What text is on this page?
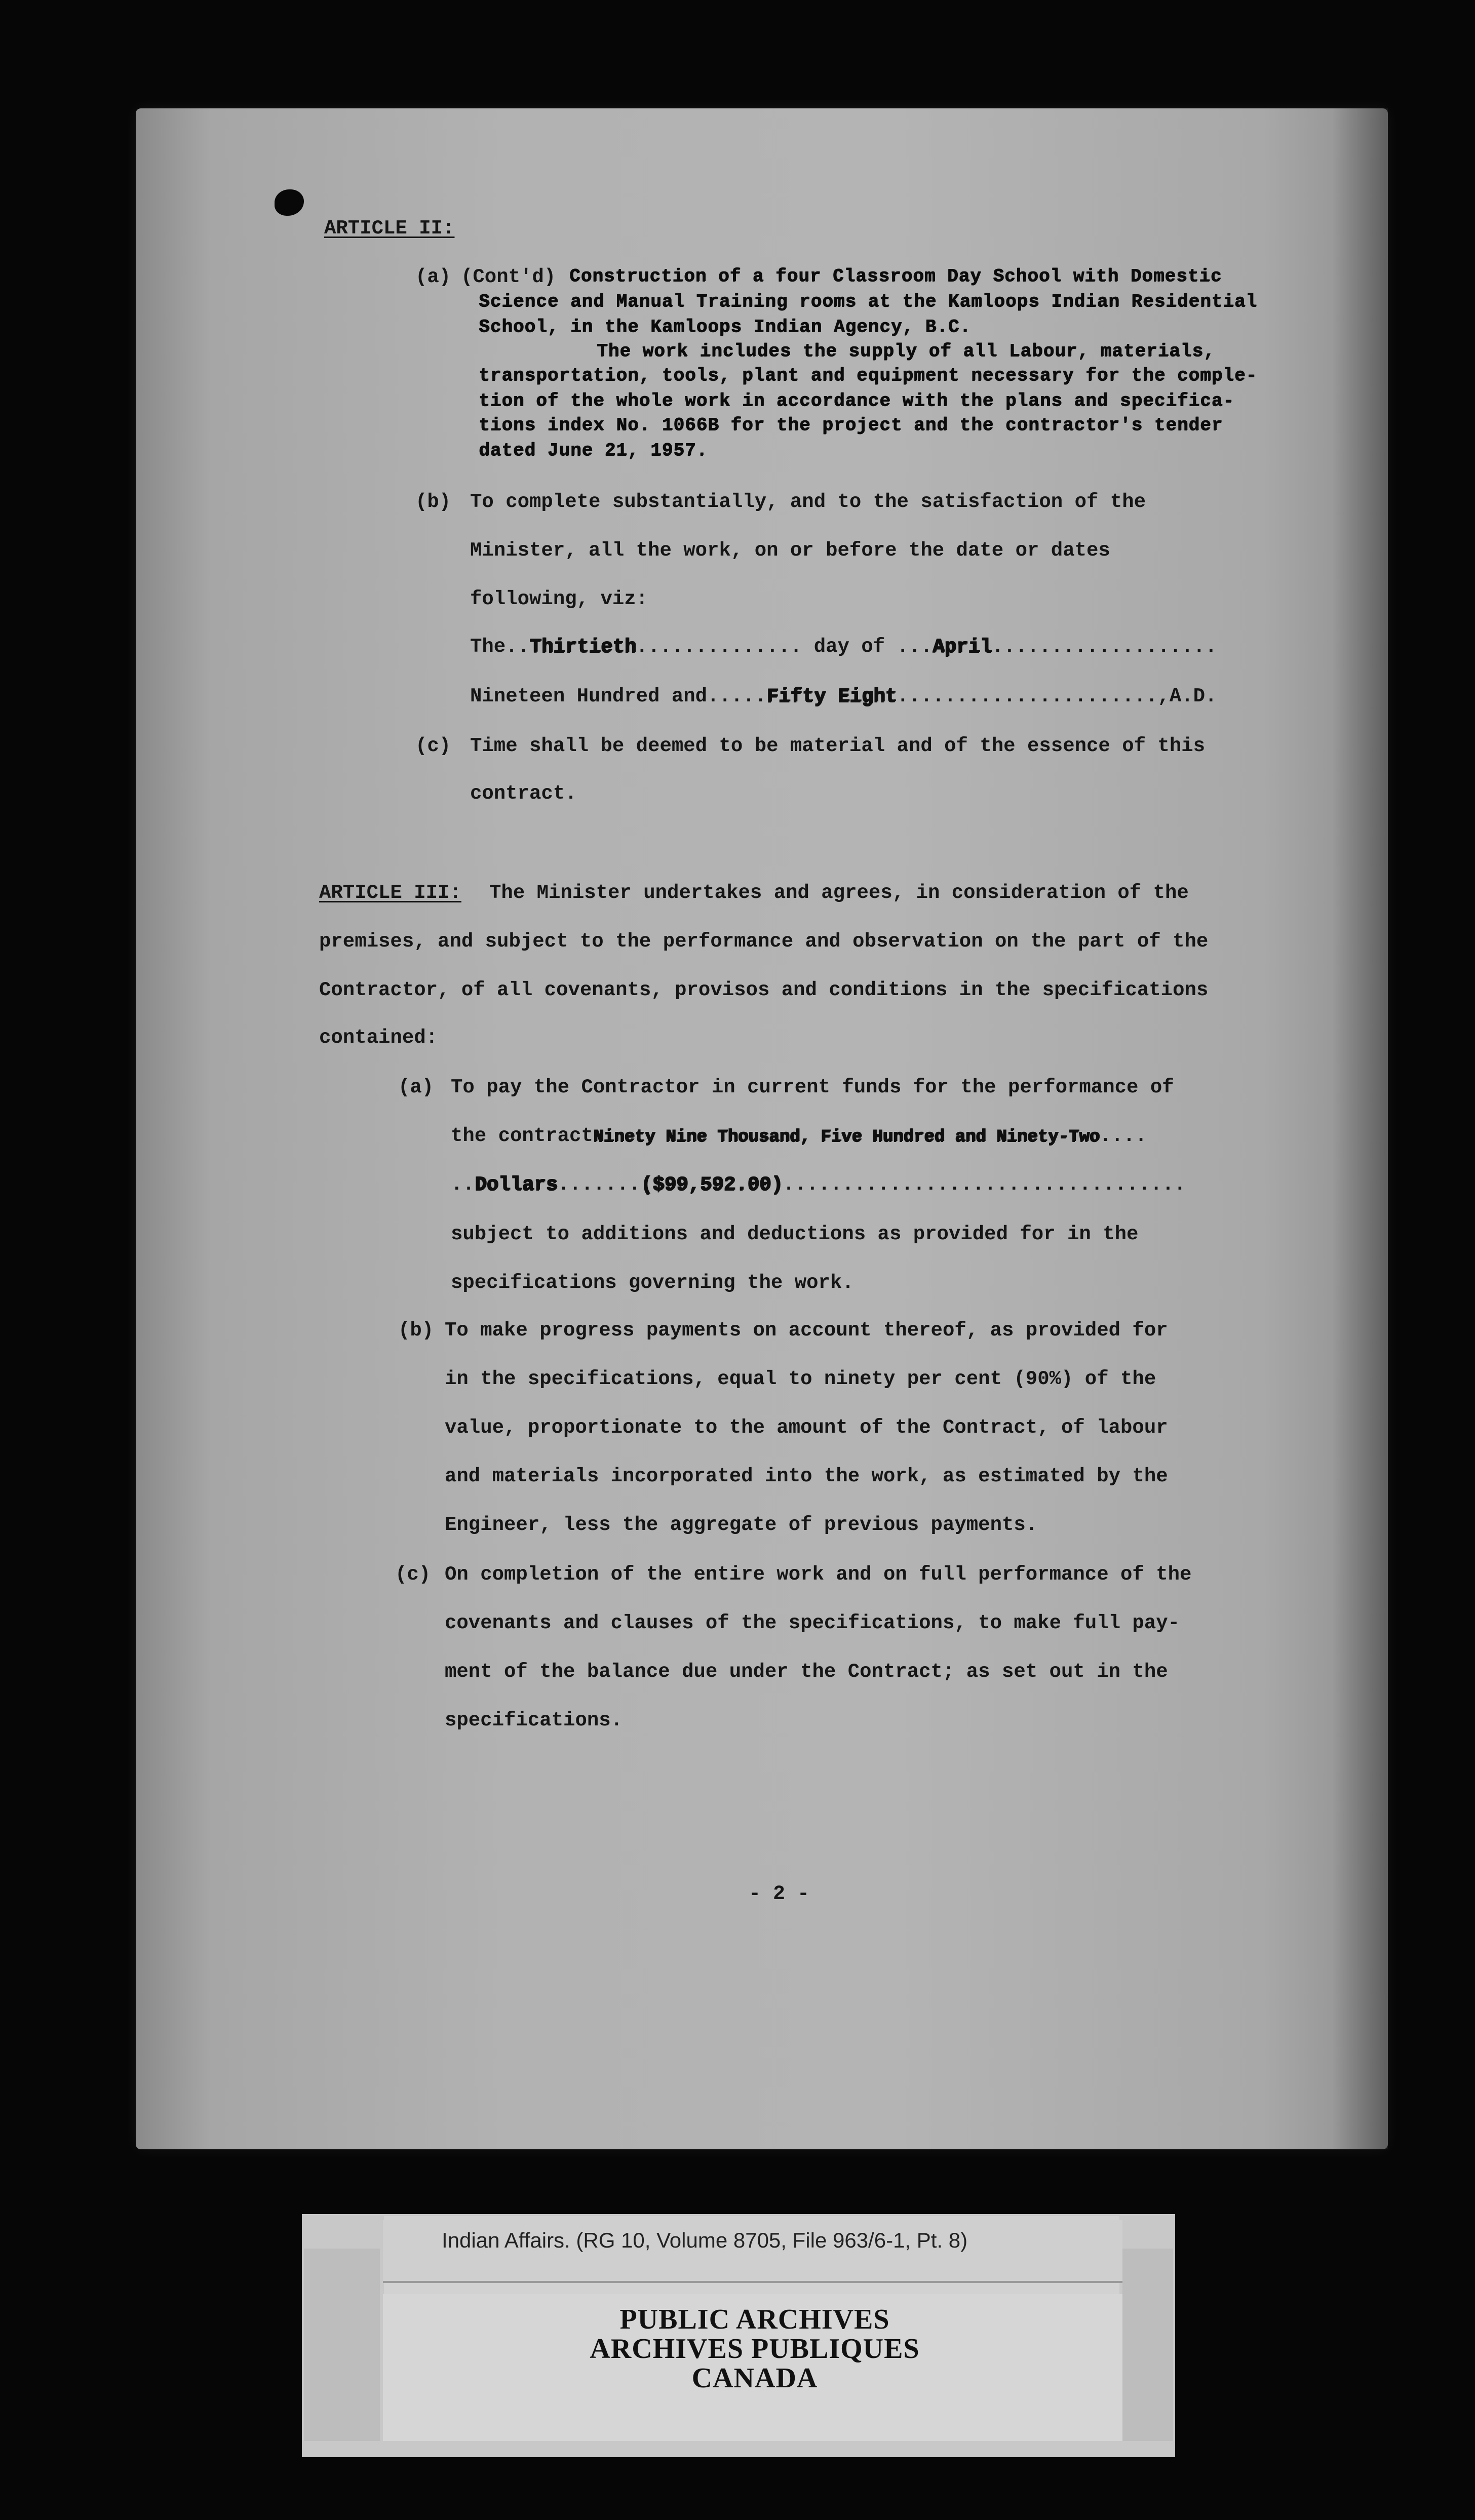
ARTICLE II:
(a) (Cont'd) Construction of a four Classroom Day School with Domestic
Science and Manual Training rooms at the Kamloops Indian Residential
School, in the Kamloops Indian Agency, B.C.
The work includes the supply of all Labour, materials,
transportation, tools, plant and equipment necessary for the comple-
tion of the whole work in accordance with the plans and specifica-
tions index No. 1066B for the project and the contractor's tender
dated June 21, 1957.
(b) To complete substantially, and to the satisfaction of the
Minister, all the work, on or before the date or dates
following, viz:
The..Thirtieth.............. day of ...April...................
Nineteen Hundred and.....Fifty Eight......................,A.D.
(c) Time shall be deemed to be material and of the essence of this
contract.
ARTICLE III: The Minister undertakes and agrees, in consideration of the
premises, and subject to the performance and observation on the part of the
Contractor, of all covenants, provisos and conditions in the specifications
contained:
(a) To pay the Contractor in current funds for the performance of
the contractNinety Nine Thousand, Five Hundred and Ninety-Two....
..Dollars.......($99,592.00)..................................
subject to additions and deductions as provided for in the
specifications governing the work.
(b) To make progress payments on account thereof, as provided for
in the specifications, equal to ninety per cent (90%) of the
value, proportionate to the amount of the Contract, of labour
and materials incorporated into the work, as estimated by the
Engineer, less the aggregate of previous payments.
(c) On completion of the entire work and on full performance of the
covenants and clauses of the specifications, to make full pay-
ment of the balance due under the Contract; as set out in the
specifications.
- 2 -
Indian Affairs. (RG 10, Volume 8705, File 963/6-1, Pt. 8)
PUBLIC ARCHIVES
ARCHIVES PUBLIQUES
CANADA
